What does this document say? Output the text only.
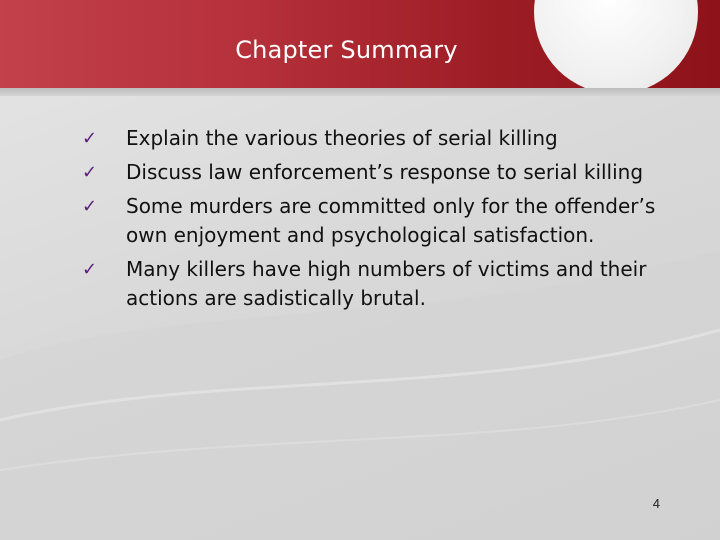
Chapter Summary
✓ Explain the various theories of serial killing
✓ Discuss law enforcement’s response to serial killing
✓ Some murders are committed only for the offender’s own enjoyment and psychological satisfaction.
✓ Many killers have high numbers of victims and their actions are sadistically brutal.
4
